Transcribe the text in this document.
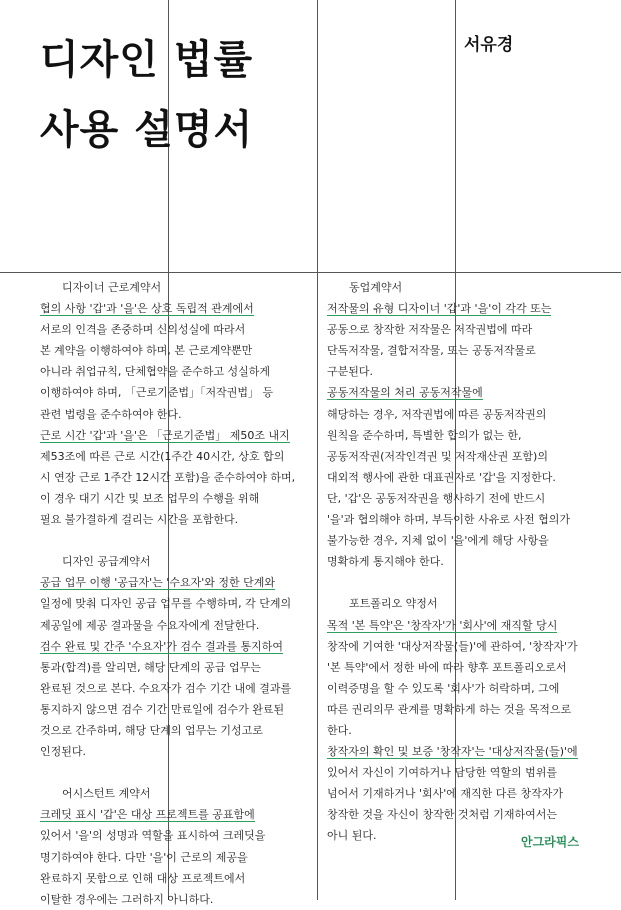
디자인 법률
사용 설명서
서유경
디자이너 근로계약서
협의 사항 '갑'과 '을'은 상호 독립적 관계에서
서로의 인격을 존중하며 신의성실에 따라서
본 계약을 이행하여야 하며, 본 근로계약뿐만
아니라 취업규칙, 단체협약을 준수하고 성실하게
이행하여야 하며, 「근로기준법」「저작권법」 등
관련 법령을 준수하여야 한다.
근로 시간 '갑'과 '을'은 「근로기준법」 제50조 내지
제53조에 따른 근로 시간(1주간 40시간, 상호 합의
시 연장 근로 1주간 12시간 포함)을 준수하여야 하며,
이 경우 대기 시간 및 보조 업무의 수행을 위해
필요 불가결하게 걸리는 시간을 포함한다.
디자인 공급계약서
공급 업무 이행 '공급자'는 '수요자'와 정한 단계와
일정에 맞춰 디자인 공급 업무를 수행하며, 각 단계의
제공일에 제공 결과물을 수요자에게 전달한다.
검수 완료 및 간주 '수요자'가 검수 결과를 통지하여
통과(합격)를 알리면, 해당 단계의 공급 업무는
완료된 것으로 본다. 수요자가 검수 기간 내에 결과를
통지하지 않으면 검수 기간 만료일에 검수가 완료된
것으로 간주하며, 해당 단계의 업무는 기성고로
인정된다.
어시스턴트 계약서
크레딧 표시 '갑'은 대상 프로젝트를 공표함에
있어서 '을'의 성명과 역할을 표시하여 크레딧을
명기하여야 한다. 다만 '을'이 근로의 제공을
완료하지 못함으로 인해 대상 프로젝트에서
이탈한 경우에는 그러하지 아니하다.
동업계약서
저작물의 유형 디자이너 '갑'과 '을'이 각각 또는
공동으로 창작한 저작물은 저작권법에 따라
단독저작물, 결합저작물, 또는 공동저작물로
구분된다.
공동저작물의 처리 공동저작물에
해당하는 경우, 저작권법에 따른 공동저작권의
원칙을 준수하며, 특별한 합의가 없는 한,
공동저작권(저작인격권 및 저작재산권 포함)의
대외적 행사에 관한 대표권자로 '갑'을 지정한다.
단, '갑'은 공동저작권을 행사하기 전에 반드시
'을'과 협의해야 하며, 부득이한 사유로 사전 협의가
불가능한 경우, 지체 없이 '을'에게 해당 사항을
명확하게 통지해야 한다.
포트폴리오 약정서
목적 '본 특약'은 '창작자'가 '회사'에 재직할 당시
창작에 기여한 '대상저작물(들)'에 관하여, '창작자'가
'본 특약'에서 정한 바에 따라 향후 포트폴리오로서
이력증명을 할 수 있도록 '회사'가 허락하며, 그에
따른 권리의무 관계를 명확하게 하는 것을 목적으로
한다.
창작자의 확인 및 보증 '창작자'는 '대상저작물(들)'에
있어서 자신이 기여하거나 담당한 역할의 범위를
넘어서 기재하거나 '회사'에 재직한 다른 창작자가
창작한 것을 자신이 창작한 것처럼 기재하여서는
아니 된다.	안그라픽스
